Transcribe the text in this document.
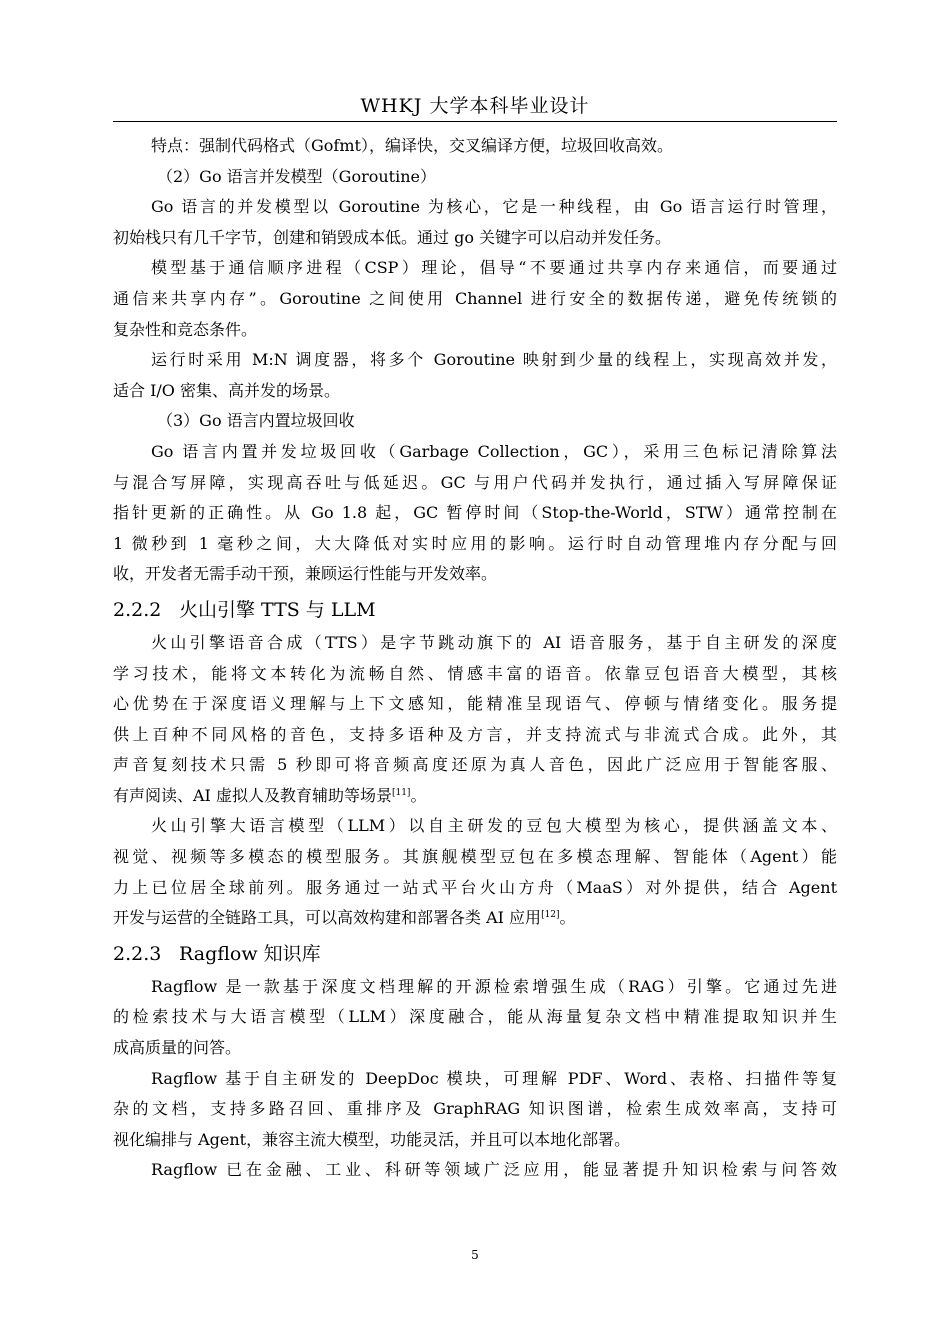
WHKJ 大学本科毕业设计
特点：强制代码格式（Gofmt），编译快，交叉编译方便，垃圾回收高效。
（2）Go 语言并发模型（Goroutine）
Go 语言的并发模型以 Goroutine 为核心，它是一种线程，由 Go 语言运行时管理，
初始栈只有几千字节，创建和销毁成本低。通过 go 关键字可以启动并发任务。
模型基于通信顺序进程（CSP）理论，倡导“不要通过共享内存来通信，而要通过
通信来共享内存”。Goroutine 之间使用 Channel 进行安全的数据传递，避免传统锁的
复杂性和竞态条件。
运行时采用 M:N 调度器，将多个 Goroutine 映射到少量的线程上，实现高效并发，
适合 I/O 密集、高并发的场景。
（3）Go 语言内置垃圾回收
Go 语言内置并发垃圾回收（Garbage Collection，GC），采用三色标记清除算法
与混合写屏障，实现高吞吐与低延迟。GC 与用户代码并发执行，通过插入写屏障保证
指针更新的正确性。从 Go 1.8 起，GC 暂停时间（Stop-the-World，STW）通常控制在
1 微秒到 1 毫秒之间，大大降低对实时应用的影响。运行时自动管理堆内存分配与回
收，开发者无需手动干预，兼顾运行性能与开发效率。
2.2.2 火山引擎 TTS 与 LLM
火山引擎语音合成（TTS）是字节跳动旗下的 AI 语音服务，基于自主研发的深度
学习技术，能将文本转化为流畅自然、情感丰富的语音。依靠豆包语音大模型，其核
心优势在于深度语义理解与上下文感知，能精准呈现语气、停顿与情绪变化。服务提
供上百种不同风格的音色，支持多语种及方言，并支持流式与非流式合成。此外，其
声音复刻技术只需 5 秒即可将音频高度还原为真人音色，因此广泛应用于智能客服、
有声阅读、AI 虚拟人及教育辅助等场景[11]。
火山引擎大语言模型（LLM）以自主研发的豆包大模型为核心，提供涵盖文本、
视觉、视频等多模态的模型服务。其旗舰模型豆包在多模态理解、智能体（Agent）能
力上已位居全球前列。服务通过一站式平台火山方舟（MaaS）对外提供，结合 Agent
开发与运营的全链路工具，可以高效构建和部署各类 AI 应用[12]。
2.2.3 Ragflow 知识库
Ragflow 是一款基于深度文档理解的开源检索增强生成（RAG）引擎。它通过先进
的检索技术与大语言模型（LLM）深度融合，能从海量复杂文档中精准提取知识并生
成高质量的问答。
Ragflow 基于自主研发的 DeepDoc 模块，可理解 PDF、Word、表格、扫描件等复
杂的文档，支持多路召回、重排序及 GraphRAG 知识图谱，检索生成效率高，支持可
视化编排与 Agent，兼容主流大模型，功能灵活，并且可以本地化部署。
Ragflow 已在金融、工业、科研等领域广泛应用，能显著提升知识检索与问答效
5
